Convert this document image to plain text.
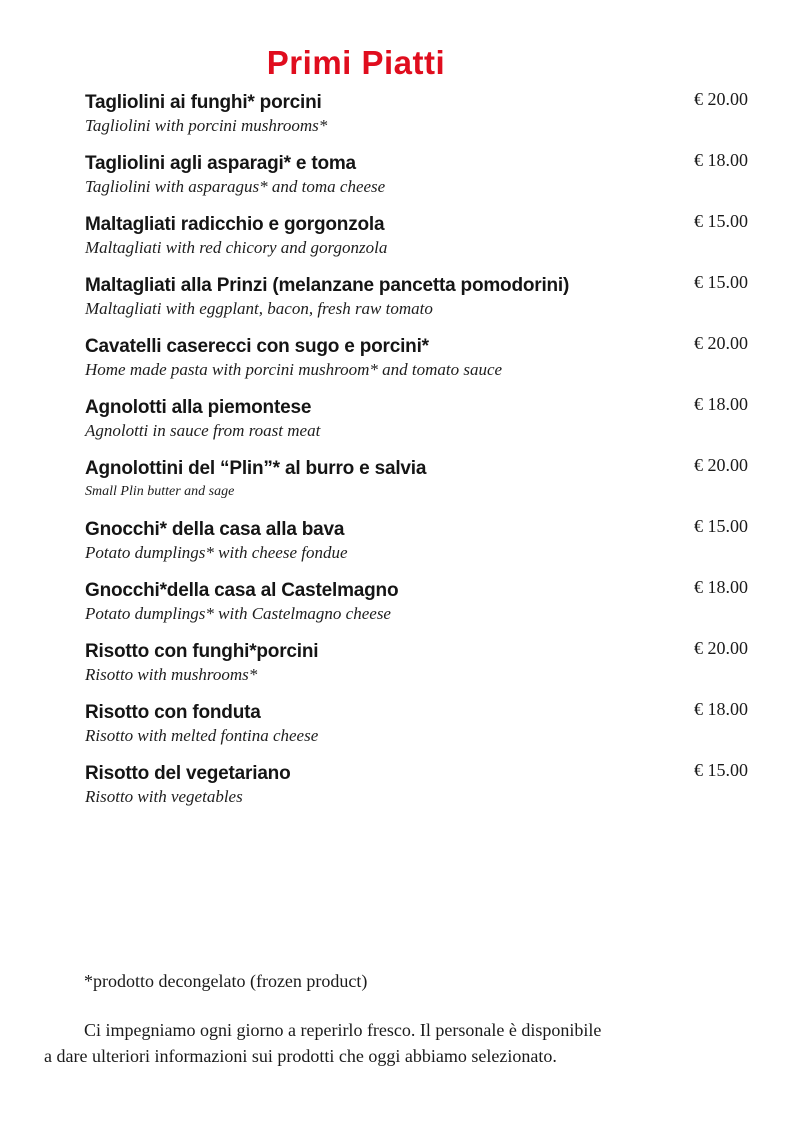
Primi Piatti
Tagliolini ai funghi* porcini
Tagliolini with porcini mushrooms*
€ 20.00
Tagliolini agli asparagi* e toma
Tagliolini with asparagus* and toma cheese
€ 18.00
Maltagliati radicchio e gorgonzola
Maltagliati with red chicory and gorgonzola
€ 15.00
Maltagliati alla Prinzi (melanzane pancetta pomodorini)
Maltagliati with eggplant, bacon, fresh raw tomato
€ 15.00
Cavatelli caserecci con sugo e porcini*
Home made pasta with porcini mushroom* and tomato sauce
€ 20.00
Agnolotti alla piemontese
Agnolotti in sauce from roast meat
€ 18.00
Agnolottini del “Plin”* al burro e salvia
Small Plin butter and sage
€ 20.00
Gnocchi* della casa alla bava
Potato dumplings* with cheese fondue
€ 15.00
Gnocchi*della casa al Castelmagno
Potato dumplings* with Castelmagno cheese
€ 18.00
Risotto con funghi*porcini
Risotto with mushrooms*
€ 20.00
Risotto con fonduta
Risotto with melted fontina cheese
€ 18.00
Risotto del vegetariano
Risotto with vegetables
€ 15.00
*prodotto decongelato (frozen product)
Ci impegniamo ogni giorno a reperirlo fresco. Il personale è disponibile
a dare ulteriori informazioni sui prodotti che oggi abbiamo selezionato.
